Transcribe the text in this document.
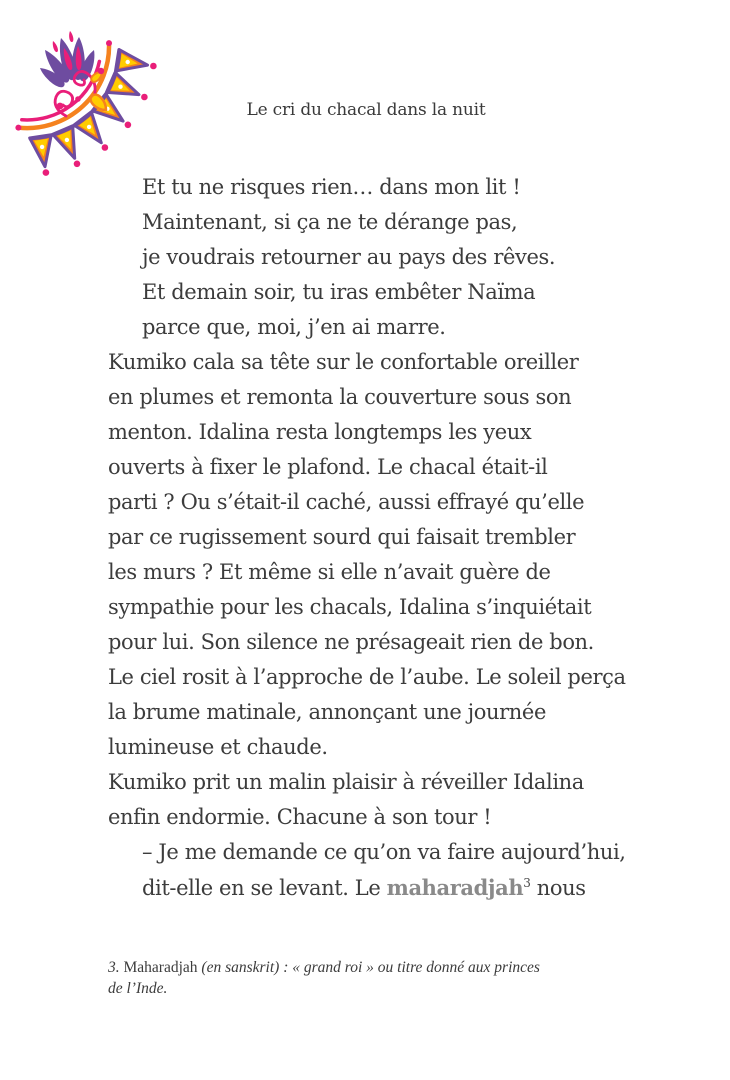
Le cri du chacal dans la nuit
Et tu ne risques rien… dans mon lit !
Maintenant, si ça ne te dérange pas,
je voudrais retourner au pays des rêves.
Et demain soir, tu iras embêter Naïma
parce que, moi, j’en ai marre.
Kumiko cala sa tête sur le confortable oreiller
en plumes et remonta la couverture sous son
menton. Idalina resta longtemps les yeux
ouverts à fixer le plafond. Le chacal était-il
parti ? Ou s’était-il caché, aussi effrayé qu’elle
par ce rugissement sourd qui faisait trembler
les murs ? Et même si elle n’avait guère de
sympathie pour les chacals, Idalina s’inquiétait
pour lui. Son silence ne présageait rien de bon.
Le ciel rosit à l’approche de l’aube. Le soleil perça
la brume matinale, annonçant une journée
lumineuse et chaude.
Kumiko prit un malin plaisir à réveiller Idalina
enfin endormie. Chacune à son tour !
– Je me demande ce qu’on va faire aujourd’hui,
dit-elle en se levant. Le maharadjah$^3$ nous
3. Maharadjah (en sanskrit) : « grand roi » ou titre donné aux princes
de l’Inde.
